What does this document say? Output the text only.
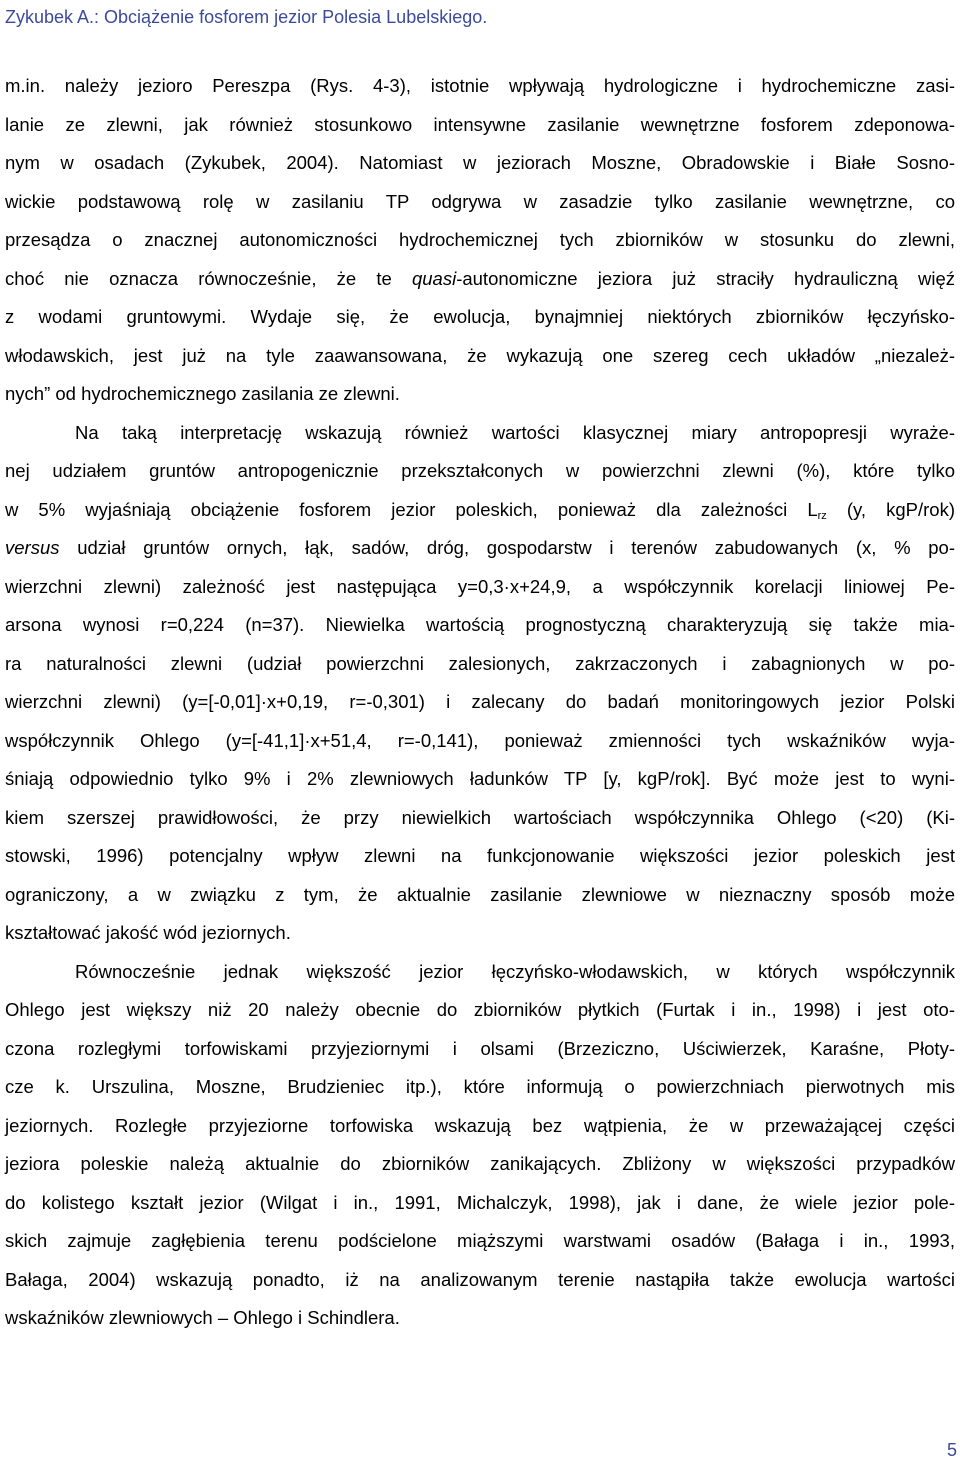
Zykubek A.: Obciążenie fosforem jezior Polesia Lubelskiego.
m.in. należy jezioro Pereszpa (Rys. 4-3), istotnie wpływają hydrologiczne i hydrochemiczne zasi-
lanie ze zlewni, jak również stosunkowo intensywne zasilanie wewnętrzne fosforem zdeponowa-
nym w osadach (Zykubek, 2004). Natomiast w jeziorach Moszne, Obradowskie i Białe Sosno-
wickie podstawową rolę w zasilaniu TP odgrywa w zasadzie tylko zasilanie wewnętrzne, co
przesądza o znacznej autonomiczności hydrochemicznej tych zbiorników w stosunku do zlewni,
choć nie oznacza równocześnie, że te quasi-autonomiczne jeziora już straciły hydrauliczną więź
z wodami gruntowymi. Wydaje się, że ewolucja, bynajmniej niektórych zbiorników łęczyńsko-
włodawskich, jest już na tyle zaawansowana, że wykazują one szereg cech układów „niezależ-
nych” od hydrochemicznego zasilania ze zlewni.
Na taką interpretację wskazują również wartości klasycznej miary antropopresji wyraże-
nej udziałem gruntów antropogenicznie przekształconych w powierzchni zlewni (%), które tylko
w 5% wyjaśniają obciążenie fosforem jezior poleskich, ponieważ dla zależności $L_{rz}$ (y, kgP/rok)
versus udział gruntów ornych, łąk, sadów, dróg, gospodarstw i terenów zabudowanych (x, % po-
wierzchni zlewni) zależność jest następująca y=0,3·x+24,9, a współczynnik korelacji liniowej Pe-
arsona wynosi r=0,224 (n=37). Niewielka wartością prognostyczną charakteryzują się także mia-
ra naturalności zlewni (udział powierzchni zalesionych, zakrzaczonych i zabagnionych w po-
wierzchni zlewni) (y=[-0,01]·x+0,19, r=-0,301) i zalecany do badań monitoringowych jezior Polski
współczynnik Ohlego (y=[-41,1]·x+51,4, r=-0,141), ponieważ zmienności tych wskaźników wyja-
śniają odpowiednio tylko 9% i 2% zlewniowych ładunków TP [y, kgP/rok]. Być może jest to wyni-
kiem szerszej prawidłowości, że przy niewielkich wartościach współczynnika Ohlego (<20) (Ki-
stowski, 1996) potencjalny wpływ zlewni na funkcjonowanie większości jezior poleskich jest
ograniczony, a w związku z tym, że aktualnie zasilanie zlewniowe w nieznaczny sposób może
kształtować jakość wód jeziornych.
Równocześnie jednak większość jezior łęczyńsko-włodawskich, w których współczynnik
Ohlego jest większy niż 20 należy obecnie do zbiorników płytkich (Furtak i in., 1998) i jest oto-
czona rozległymi torfowiskami przyjeziornymi i olsami (Brzeziczno, Uściwierzek, Karaśne, Płoty-
cze k. Urszulina, Moszne, Brudzieniec itp.), które informują o powierzchniach pierwotnych mis
jeziornych. Rozległe przyjeziorne torfowiska wskazują bez wątpienia, że w przeważającej części
jeziora poleskie należą aktualnie do zbiorników zanikających. Zbliżony w większości przypadków
do kolistego kształt jezior (Wilgat i in., 1991, Michalczyk, 1998), jak i dane, że wiele jezior pole-
skich zajmuje zagłębienia terenu podścielone miąższymi warstwami osadów (Bałaga i in., 1993,
Bałaga, 2004) wskazują ponadto, iż na analizowanym terenie nastąpiła także ewolucja wartości
wskaźników zlewniowych – Ohlego i Schindlera.
5
